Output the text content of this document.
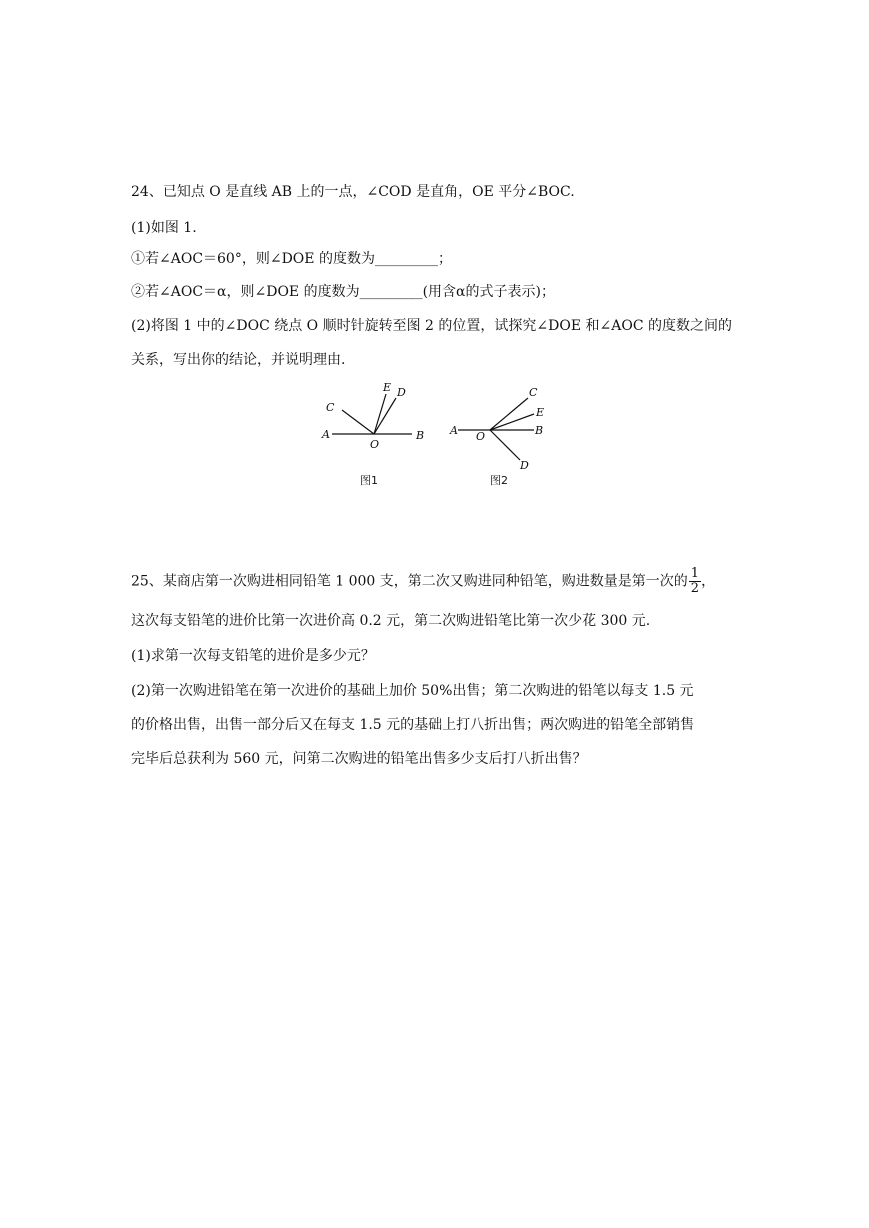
24、已知点 O 是直线 AB 上的一点，∠COD 是直角，OE 平分∠BOC.
(1)如图 1.
①若∠AOC＝60°，则∠DOE 的度数为_________；
②若∠AOC＝α，则∠DOE 的度数为_________(用含α的式子表示)；
(2)将图 1 中的∠DOC 绕点 O 顺时针旋转至图 2 的位置，试探究∠DOE 和∠AOC 的度数之间的
关系，写出你的结论，并说明理由.
A	B
C
E D
O
图1
A	B
C
E
D
O
图2
25、某商店第一次购进相同铅笔 1 000 支，第二次又购进同种铅笔，购进数量是第一次的 $\frac{1}{2}$ ，
这次每支铅笔的进价比第一次进价高 0.2 元，第二次购进铅笔比第一次少花 300 元.
(1)求第一次每支铅笔的进价是多少元？
(2)第一次购进铅笔在第一次进价的基础上加价 50%出售；第二次购进的铅笔以每支 1.5 元
的价格出售，出售一部分后又在每支 1.5 元的基础上打八折出售；两次购进的铅笔全部销售
完毕后总获利为 560 元，问第二次购进的铅笔出售多少支后打八折出售？
